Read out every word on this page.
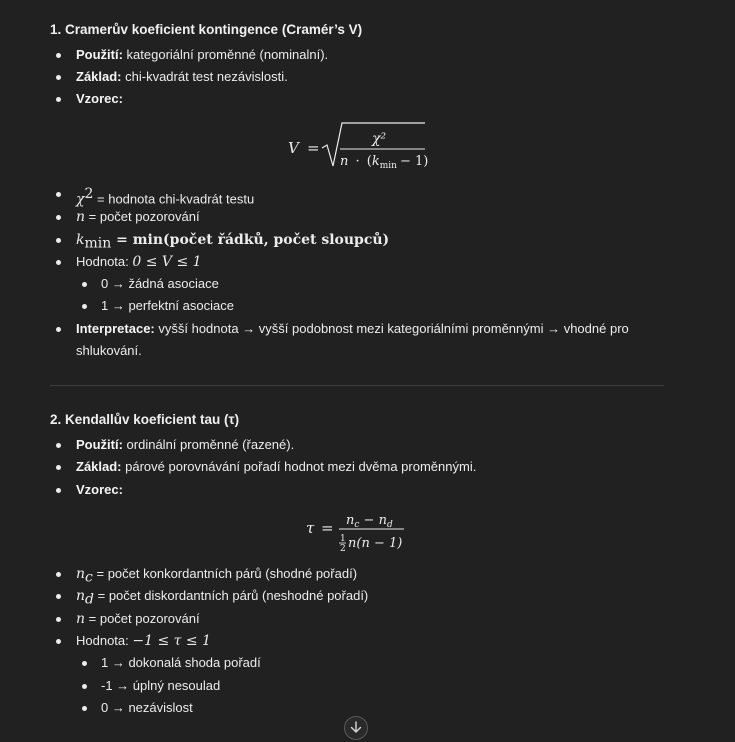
1. Cramerův koeficient kontingence (Cramér’s V)
Použití: kategoriální proměnné (nominalní).
Základ: chi-kvadrát test nezávislosti.
Vzorec:
V =	χ²
$n \cdot (k_{min} - 1)$
$\chi^2$ = hodnota chi-kvadrát testu
n = počet pozorování
$k_{min}$ = min(počet řádků, počet sloupců)
Hodnota: 0 ≤ V ≤ 1
0 → žádná asociace
1 → perfektní asociace
Interpretace: vyšší hodnota → vyšší podobnost mezi kategoriálními proměnnými → vhodné pro shlukování.
2. Kendallův koeficient tau (τ)
Použití: ordinální proměnné (řazené).
Základ: párové porovnávání pořadí hodnot mezi dvěma proměnnými.
Vzorec:
$\tau = n_c - n_d$
1
2 n(n − 1)
$n_c$ = počet konkordantních párů (shodné pořadí)
$n_d$ = počet diskordantních párů (neshodné pořadí)
n = počet pozorování
Hodnota: −1 ≤ τ ≤ 1
1 → dokonalá shoda pořadí
-1 → úplný nesoulad
0 → nezávislost
